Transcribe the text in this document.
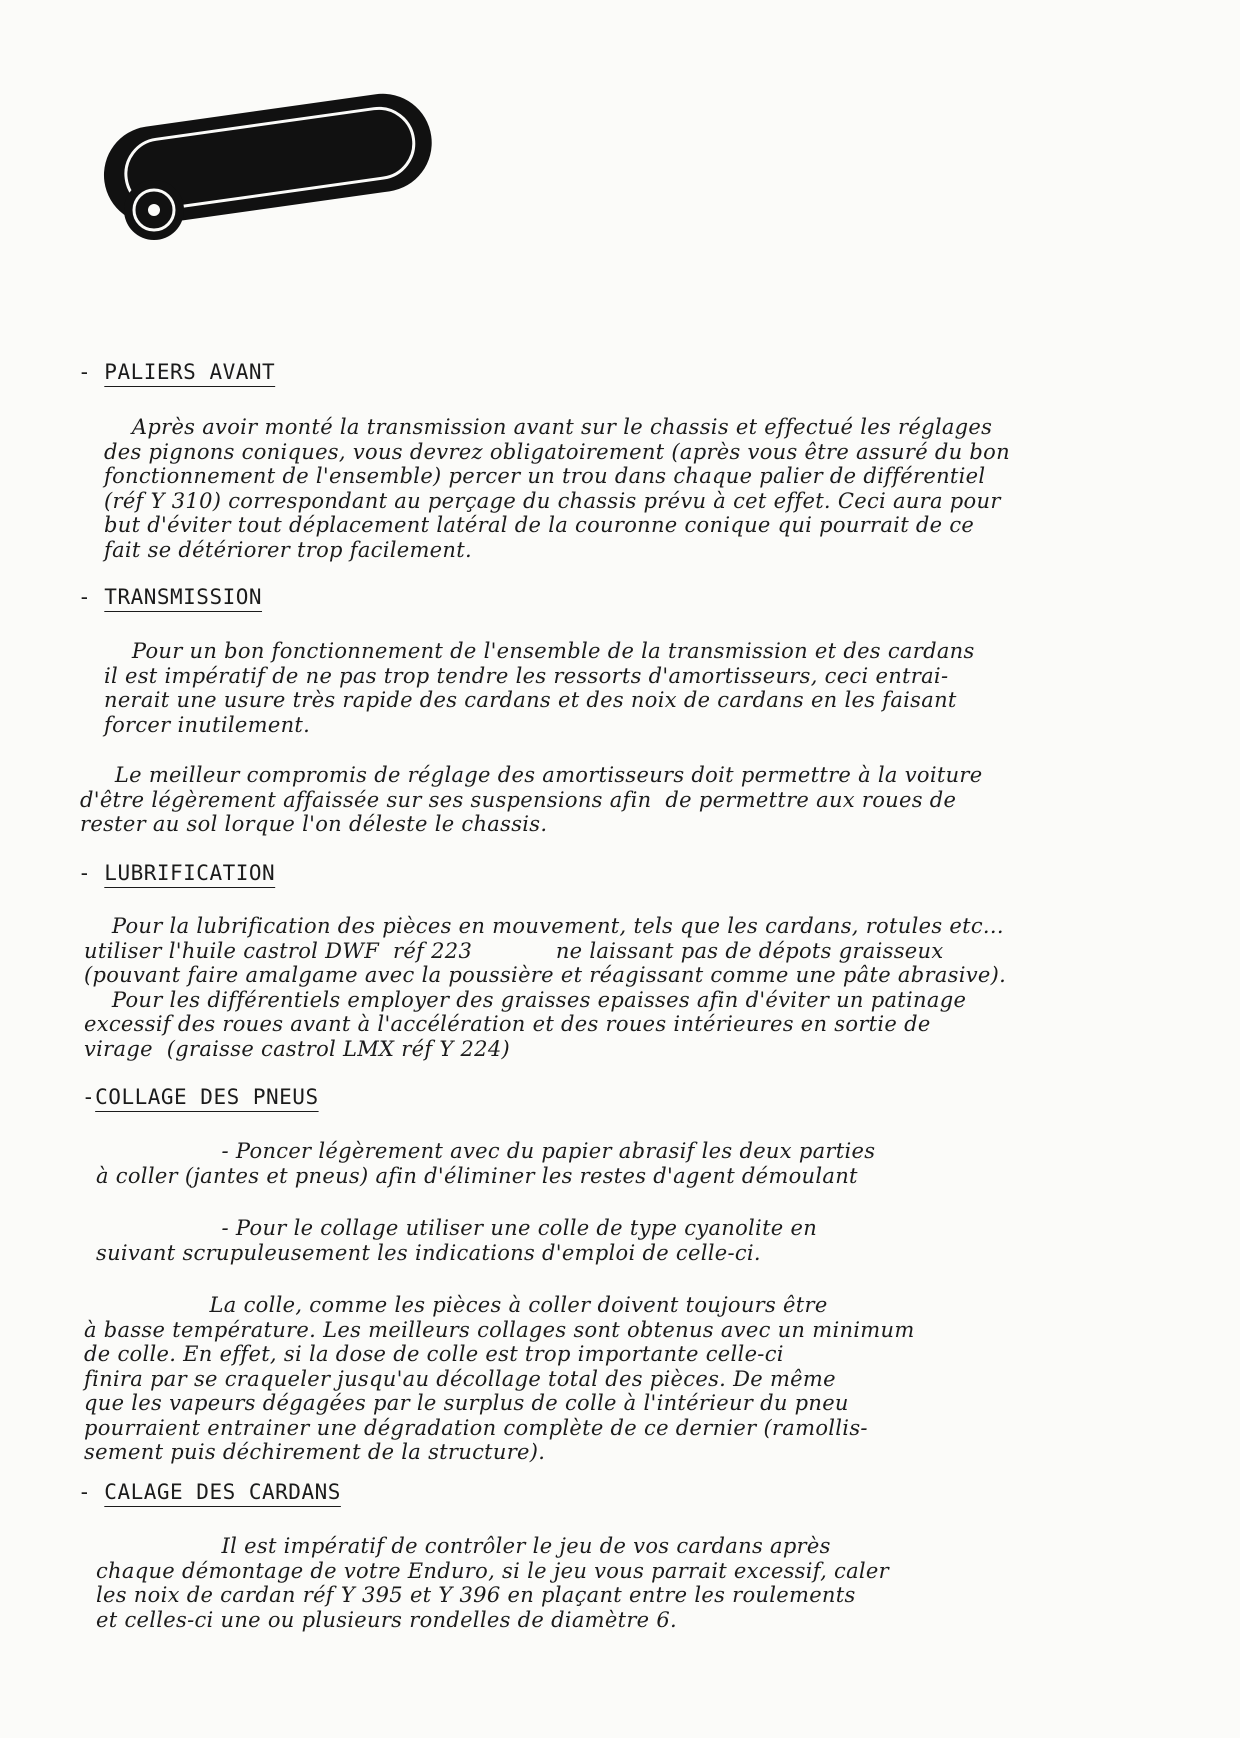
- PALIERS AVANT
Après avoir monté la transmission avant sur le chassis et effectué les réglages
des pignons coniques, vous devrez obligatoirement (après vous être assuré du bon
fonctionnement de l'ensemble) percer un trou dans chaque palier de différentiel
(réf Y 310) correspondant au perçage du chassis prévu à cet effet. Ceci aura pour
but d'éviter tout déplacement latéral de la couronne conique qui pourrait de ce
fait se détériorer trop facilement.
- TRANSMISSION
Pour un bon fonctionnement de l'ensemble de la transmission et des cardans
il est impératif de ne pas trop tendre les ressorts d'amortisseurs, ceci entrai-
nerait une usure très rapide des cardans et des noix de cardans en les faisant
forcer inutilement.
Le meilleur compromis de réglage des amortisseurs doit permettre à la voiture
d'être légèrement affaissée sur ses suspensions afin  de permettre aux roues de
rester au sol lorque l'on déleste le chassis.
- LUBRIFICATION
Pour la lubrification des pièces en mouvement, tels que les cardans, rotules etc...
utiliser l'huile castrol DWF  réf 223            ne laissant pas de dépots graisseux
(pouvant faire amalgame avec la poussière et réagissant comme une pâte abrasive).
Pour les différentiels employer des graisses epaisses afin d'éviter un patinage
excessif des roues avant à l'accélération et des roues intérieures en sortie de
virage  (graisse castrol LMX réf Y 224)
-COLLAGE DES PNEUS
- Poncer légèrement avec du papier abrasif les deux parties
à coller (jantes et pneus) afin d'éliminer les restes d'agent démoulant
- Pour le collage utiliser une colle de type cyanolite en
suivant scrupuleusement les indications d'emploi de celle-ci.
La colle, comme les pièces à coller doivent toujours être
à basse température. Les meilleurs collages sont obtenus avec un minimum
de colle. En effet, si la dose de colle est trop importante celle-ci
finira par se craqueler jusqu'au décollage total des pièces. De même
que les vapeurs dégagées par le surplus de colle à l'intérieur du pneu
pourraient entrainer une dégradation complète de ce dernier (ramollis-
sement puis déchirement de la structure).
- CALAGE DES CARDANS
Il est impératif de contrôler le jeu de vos cardans après
chaque démontage de votre Enduro, si le jeu vous parrait excessif, caler
les noix de cardan réf Y 395 et Y 396 en plaçant entre les roulements
et celles-ci une ou plusieurs rondelles de diamètre 6.
